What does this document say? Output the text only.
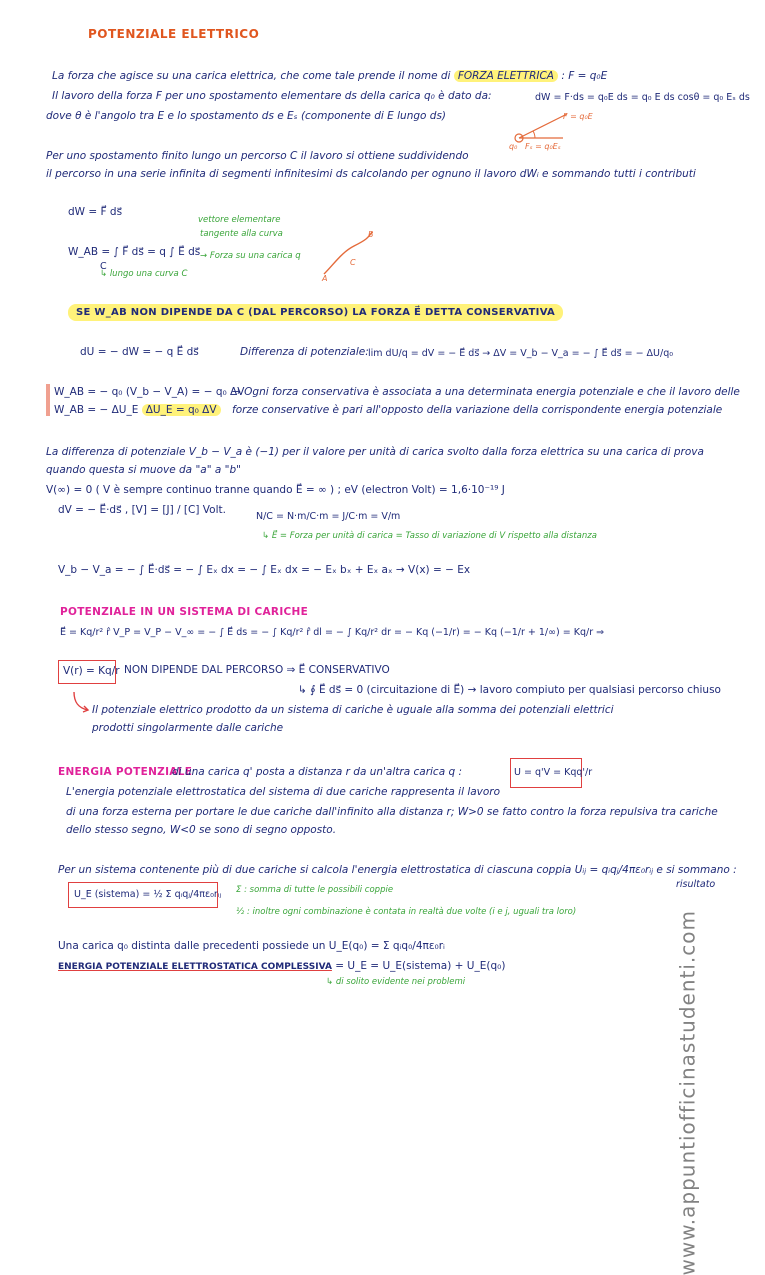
POTENZIALE ELETTRICO
La forza che agisce su una carica elettrica, che come tale prende il nome di FORZA ELETTRICA : F = q₀E
Il lavoro della forza F per uno spostamento elementare ds della carica q₀ è dato da:	dW = F·ds = q₀E ds = q₀ E ds cosθ = q₀ Eₛ ds
dove θ è l'angolo tra E e lo spostamento ds e Eₛ (componente di E lungo ds)	F = q₀E
Fₛ = q₀Eₛ
q₀
Per uno spostamento finito lungo un percorso C il lavoro si ottiene suddividendo
il percorso in una serie infinita di segmenti infinitesimi ds calcolando per ognuno il lavoro dWᵢ e sommando tutti i contributi
dW = F⃗ ds⃗
W_AB = ∫ F⃗ ds⃗ = q ∫ E⃗ ds⃗
C
vettore elementare
tangente alla curva
→ Forza su una carica q
↳ lungo una curva C	A
B
C
SE W_AB NON DIPENDE DA C (DAL PERCORSO) LA FORZA E⃗ DETTA CONSERVATIVA
dU = − dW = − q E⃗ ds⃗	Differenza di potenziale: lim dU/q = dV = − E⃗ ds⃗ → ΔV = V_b − V_a = − ∫ E⃗ ds⃗ = − ΔU/q₀
W_AB = − q₀ (V_b − V_A) = − q₀ ΔV
→ Ogni forza conservativa è associata a una determinata energia potenziale e che il lavoro delle
W_AB = − ΔU_E ΔU_E = q₀ ΔV	forze conservative è pari all'opposto della variazione della corrispondente energia potenziale
La differenza di potenziale V_b − V_a è (−1) per il valore per unità di carica svolto dalla forza elettrica su una carica di prova
quando questa si muove da "a" a "b"
V(∞) = 0 ( V è sempre continuo tranne quando E⃗ = ∞ ) ; eV (electron Volt) = 1,6·10⁻¹⁹ J
dV = − E⃗·ds⃗ , [V] = [J] / [C] Volt.
N/C = N·m/C·m = J/C·m = V/m
↳ E⃗ = Forza per unità di carica = Tasso di variazione di V rispetto alla distanza
V_b − V_a = − ∫ E⃗·ds⃗ = − ∫ Eₓ dx = − ∫ Eₓ dx = − Eₓ bₓ + Eₓ aₓ → V(x) = − Ex
POTENZIALE IN UN SISTEMA DI CARICHE
E⃗ = Kq/r² r̂ V_P = V_P − V_∞ = − ∫ E⃗ ds = − ∫ Kq/r² r̂ dl = − ∫ Kq/r² dr = − Kq (−1/r) = − Kq (−1/r + 1/∞) = Kq/r ⇒
V(r) = Kq/r NON DIPENDE DAL PERCORSO ⇒ E⃗ CONSERVATIVO
↳ ∮ E⃗ ds⃗ = 0 (circuitazione di E⃗) → lavoro compiuto per qualsiasi percorso chiuso
Il potenziale elettrico prodotto da un sistema di cariche è uguale alla somma dei potenziali elettrici
prodotti singolarmente dalle cariche
ENERGIA POTENZIALE
di una carica q' posta a distanza r da un'altra carica q :	U = q'V = Kqq'/r
L'energia potenziale elettrostatica del sistema di due cariche rappresenta il lavoro
di una forza esterna per portare le due cariche dall'infinito alla distanza r; W>0 se fatto contro la forza repulsiva tra cariche
dello stesso segno, W<0 se sono di segno opposto.
Per un sistema contenente più di due cariche si calcola l'energia elettrostatica di ciascuna coppia Uᵢⱼ = qᵢqⱼ/4πε₀rᵢⱼ e si sommano :
risultato
U_E (sistema) = ½ Σ qᵢqⱼ/4πε₀rᵢⱼ Σ : somma di tutte le possibili coppie
½ : inoltre ogni combinazione è contata in realtà due volte (i e j, uguali tra loro)
Una carica q₀ distinta dalle precedenti possiede un U_E(q₀) = Σ qᵢq₀/4πε₀rᵢ
ENERGIA POTENZIALE ELETTROSTATICA COMPLESSIVA = U_E = U_E(sistema) + U_E(q₀)
↳ di solito evidente nei problemi	www.appuntiofficinastudenti.com
